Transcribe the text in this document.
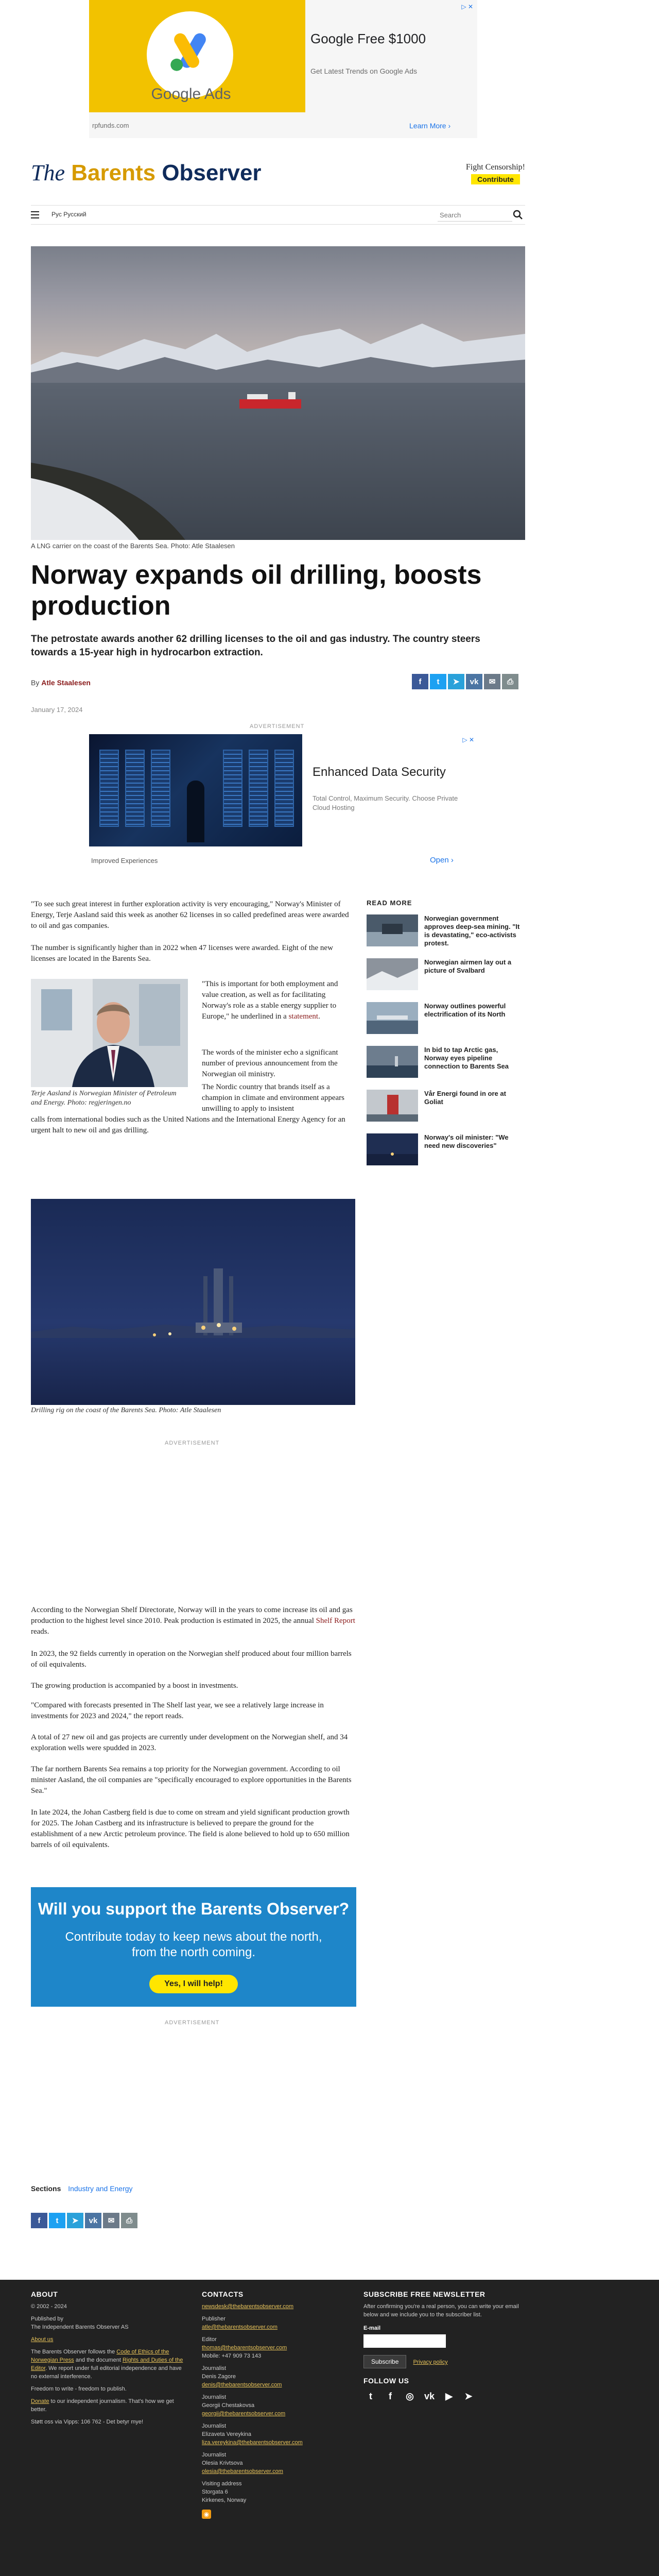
Google Ads
Google Free $1000
Get Latest Trends on Google Ads
rpfunds.com	Learn More ›
▷ ✕
The Barents Observer	Fight Censorship!
Contribute
Рус Русский
Search
A LNG carrier on the coast of the Barents Sea. Photo: Atle Staalesen
Norway expands oil drilling, boosts production
The petrostate awards another 62 drilling licenses to the oil and gas industry. The country steers towards a 15-year high in hydrocarbon extraction.
By Atle Staalesen	f	t	➤	vk	✉	⎙
January 17, 2024
ADVERTISEMENT
Enhanced Data Security
Total Control, Maximum Security. Choose Private Cloud Hosting
Improved Experiences	Open ›
▷ ✕

"To see such great interest in further exploration activity is very encouraging," Norway's Minister of Energy, Terje Aasland said this week as another 62 licenses in so called predefined areas were awarded to oil and gas companies.

The number is significantly higher than in 2022 when 47 licenses were awarded. Eight of the new licenses are located in the Barents Sea.

Terje Aasland is Norwegian Minister of Petroleum and Energy. Photo: regjeringen.no

"This is important for both employment and value creation, as well as for facilitating Norway's role as a stable energy supplier to Europe," he underlined in a statement.

The words of the minister echo a significant number of previous announcement from the Norwegian oil ministry.

The Nordic country that brands itself as a champion in climate and environment appears unwilling to apply to insistent

calls from international bodies such as the United Nations and the International Energy Agency for an urgent halt to new oil and gas drilling.

Drilling rig on the coast of the Barents Sea. Photo: Atle Staalesen
ADVERTISEMENT

According to the Norwegian Shelf Directorate, Norway will in the years to come increase its oil and gas production to the highest level since 2010. Peak production is estimated in 2025, the annual Shelf Report reads.

In 2023, the 92 fields currently in operation on the Norwegian shelf produced about four million barrels of oil equivalents.

The growing production is accompanied by a boost in investments.

"Compared with forecasts presented in The Shelf last year, we see a relatively large increase in investments for 2023 and 2024," the report reads.

A total of 27 new oil and gas projects are currently under development on the Norwegian shelf, and 34 exploration wells were spudded in 2023.

The far northern Barents Sea remains a top priority for the Norwegian government. According to oil minister Aasland, the oil companies are "specifically encouraged to explore opportunities in the Barents Sea."

In late 2024, the Johan Castberg field is due to come on stream and yield significant production growth for 2025. The Johan Castberg and its infrastructure is believed to prepare the ground for the establishment of a new Arctic petroleum province. The field is alone believed to hold up to 650 million barrels of oil equivalents.

READ MORE
Norwegian government approves deep-sea mining. "It is devastating," eco-activists protest.
Norwegian airmen lay out a picture of Svalbard
Norway outlines powerful electrification of its North
In bid to tap Arctic gas, Norway eyes pipeline connection to Barents Sea
Vår Energi found in ore at Goliat
Norway's oil minister: "We need new discoveries"
Will you support the Barents Observer?

Contribute today to keep news about the north, from the north coming.

Yes, I will help!
ADVERTISEMENT
Sections Industry and Energy
f	t	➤	vk	✉	⎙
ABOUT
© 2002 - 2024
Published by
The Independent Barents Observer AS
About us
The Barents Observer follows the Code of Ethics of the Norwegian Press and the document Rights and Duties of the Editor. We report under full editorial independence and have no external interference.
Freedom to write - freedom to publish.
Donate to our independent journalism. That's how we get better.
Støtt oss via Vipps: 106 762 - Det betyr mye!
CONTACTS
newsdesk@thebarentsobserver.com
Publisher
atle@thebarentsobserver.com
Editor
thomas@thebarentsobserver.com
Mobile: +47 909 73 143
Journalist
Denis Zagore
denis@thebarentsobserver.com
Journalist
Georgii Chestakovsa
georgii@thebarentsobserver.com
Journalist
Elizaveta Vereykina
liza.vereykina@thebarentsobserver.com
Journalist
Olesia Krivtsova
olesia@thebarentsobserver.com
Visiting address
Storgata 6
Kirkenes, Norway
◉
SUBSCRIBE FREE NEWSLETTER
After confirming you're a real person, you can write your email below and we include you to the subscriber list.
E-mail
Subscribe	Privacy policy
FOLLOW US
t	f	◎	vk	▶	➤
